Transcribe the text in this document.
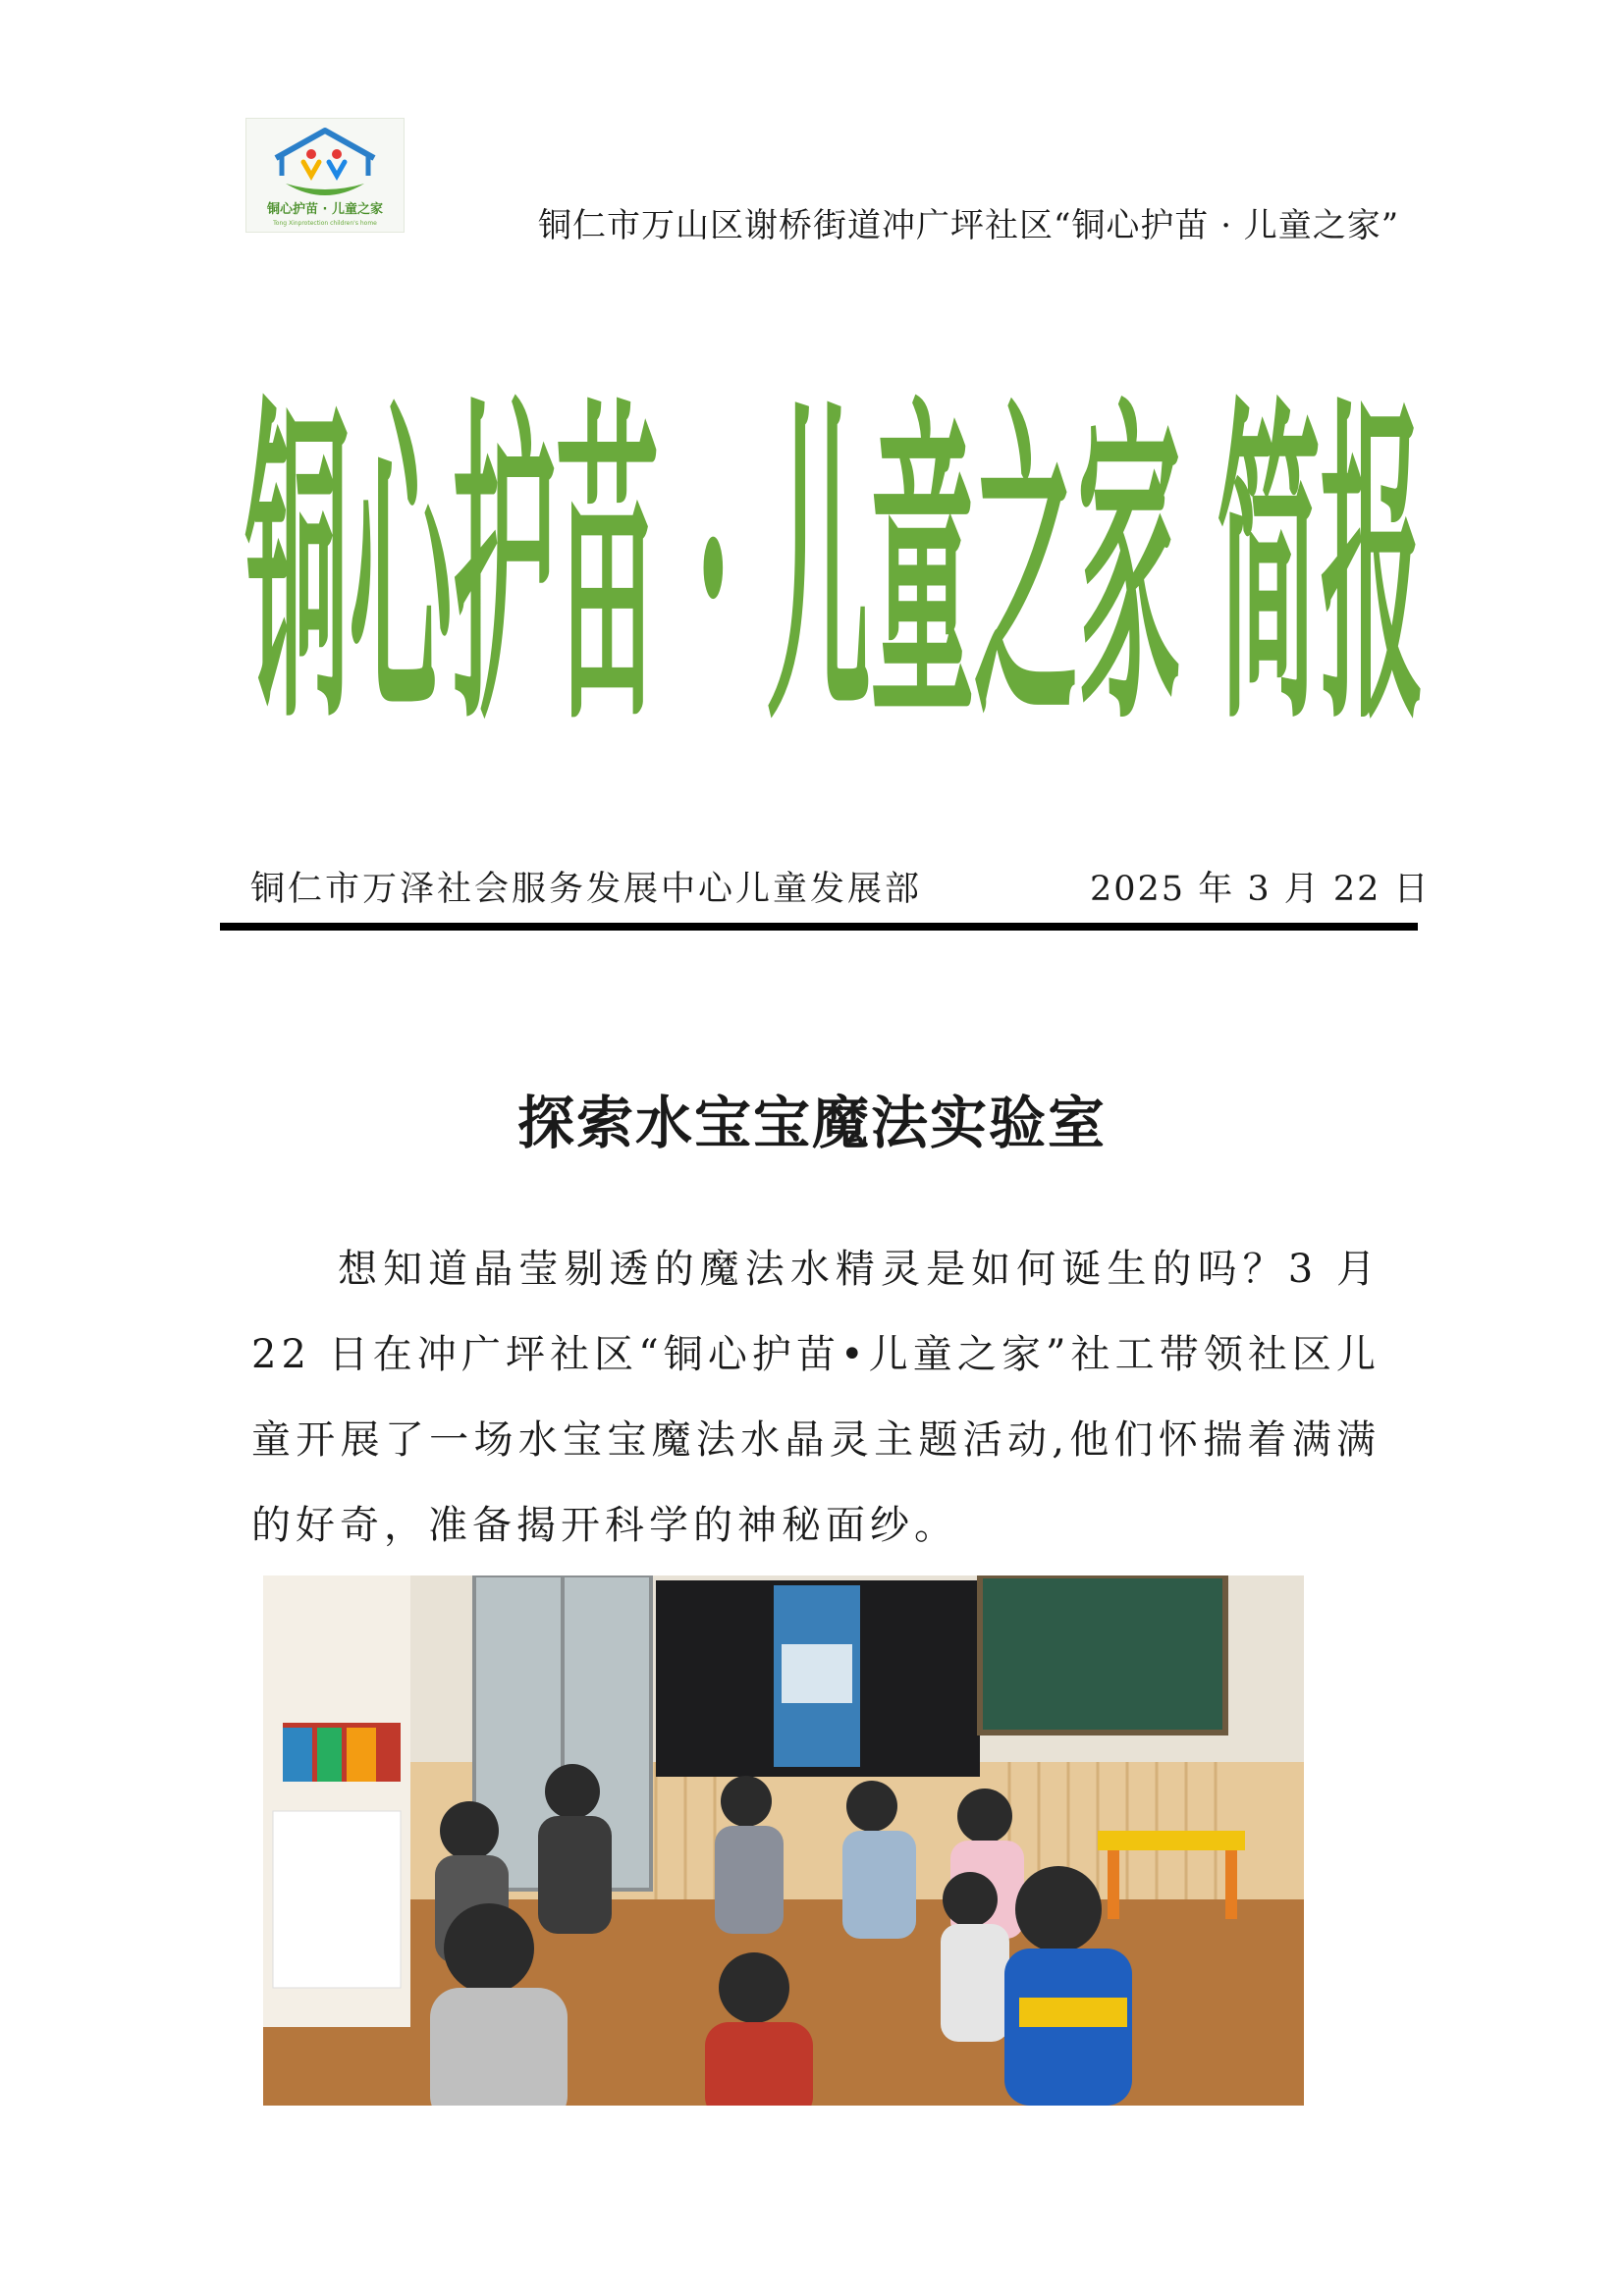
铜心护苗 · 儿童之家
Tong Xinprotection children's home	铜仁市万山区谢桥街道冲广坪社区“铜心护苗 · 儿童之家”
铜心护苗 · 儿童之家 简报
铜仁市万泽社会服务发展中心儿童发展部	2025 年 3 月 22 日
探索水宝宝魔法实验室

想知道晶莹剔透的魔法水精灵是如何诞生的吗？3 月 22 日在冲广坪社区“铜心护苗•儿童之家”社工带领社区儿童开展了一场水宝宝魔法水晶灵主题活动,他们怀揣着满满的好奇，准备揭开科学的神秘面纱。
